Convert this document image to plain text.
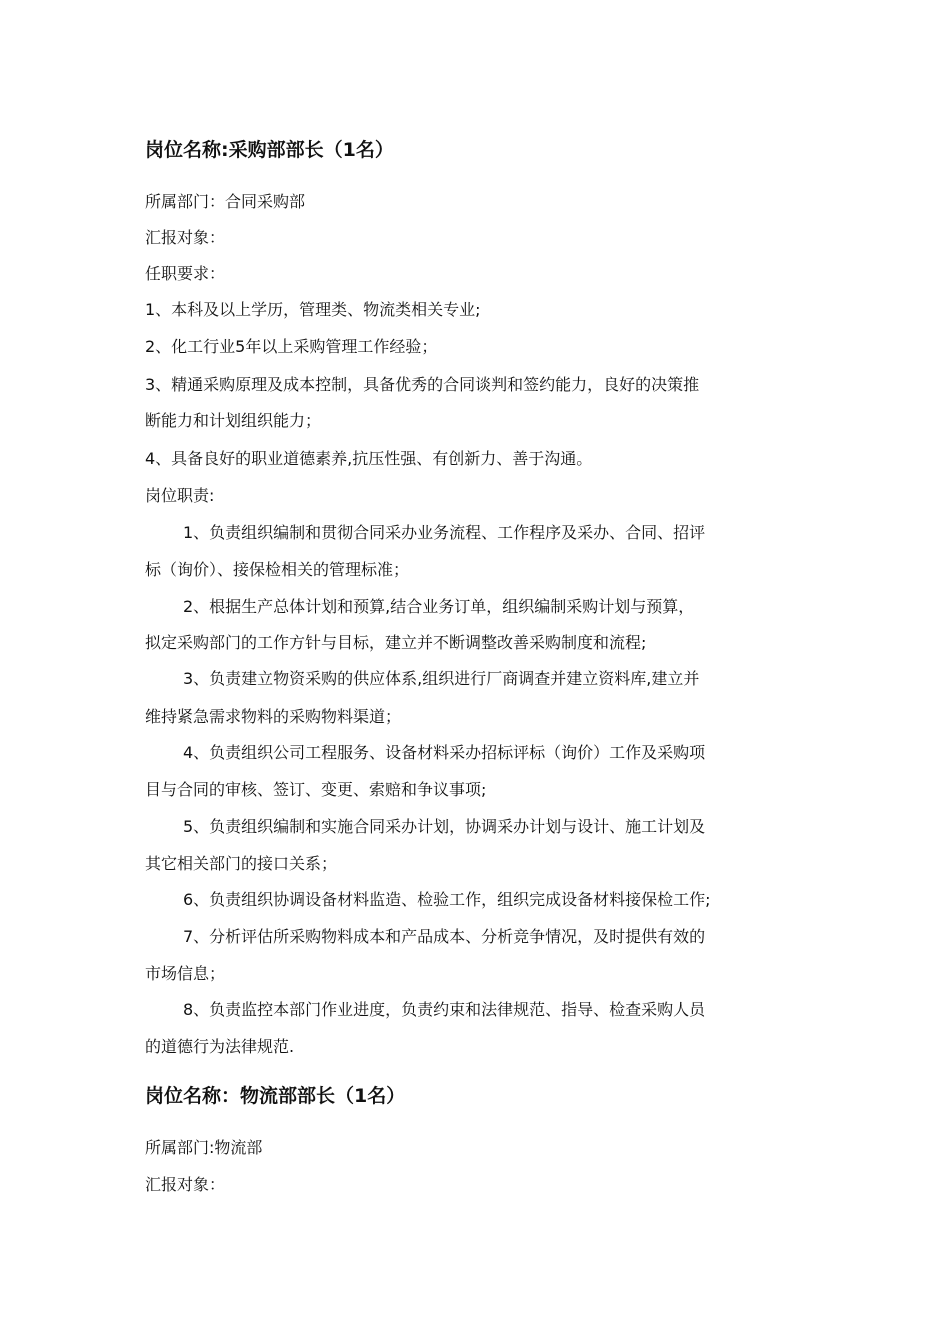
岗位名称:采购部部长（1名）
所属部门：合同采购部
汇报对象：
任职要求：
1、本科及以上学历，管理类、物流类相关专业;
2、化工行业5年以上采购管理工作经验；
3、精通采购原理及成本控制，具备优秀的合同谈判和签约能力，良好的决策推
断能力和计划组织能力；
4、具备良好的职业道德素养,抗压性强、有创新力、善于沟通。
岗位职责:
1、负责组织编制和贯彻合同采办业务流程、工作程序及采办、合同、招评
标（询价）、接保检相关的管理标准；
2、根据生产总体计划和预算,结合业务订单，组织编制采购计划与预算，
拟定采购部门的工作方针与目标，建立并不断调整改善采购制度和流程;
3、负责建立物资采购的供应体系,组织进行厂商调查并建立资料库,建立并
维持紧急需求物料的采购物料渠道；
4、负责组织公司工程服务、设备材料采办招标评标（询价）工作及采购项
目与合同的审核、签订、变更、索赔和争议事项;
5、负责组织编制和实施合同采办计划，协调采办计划与设计、施工计划及
其它相关部门的接口关系；
6、负责组织协调设备材料监造、检验工作，组织完成设备材料接保检工作;
7、分析评估所采购物料成本和产品成本、分析竞争情况，及时提供有效的
市场信息；
8、负责监控本部门作业进度，负责约束和法律规范、指导、检查采购人员
的道德行为法律规范.
岗位名称：物流部部长（1名）
所属部门:物流部
汇报对象：
